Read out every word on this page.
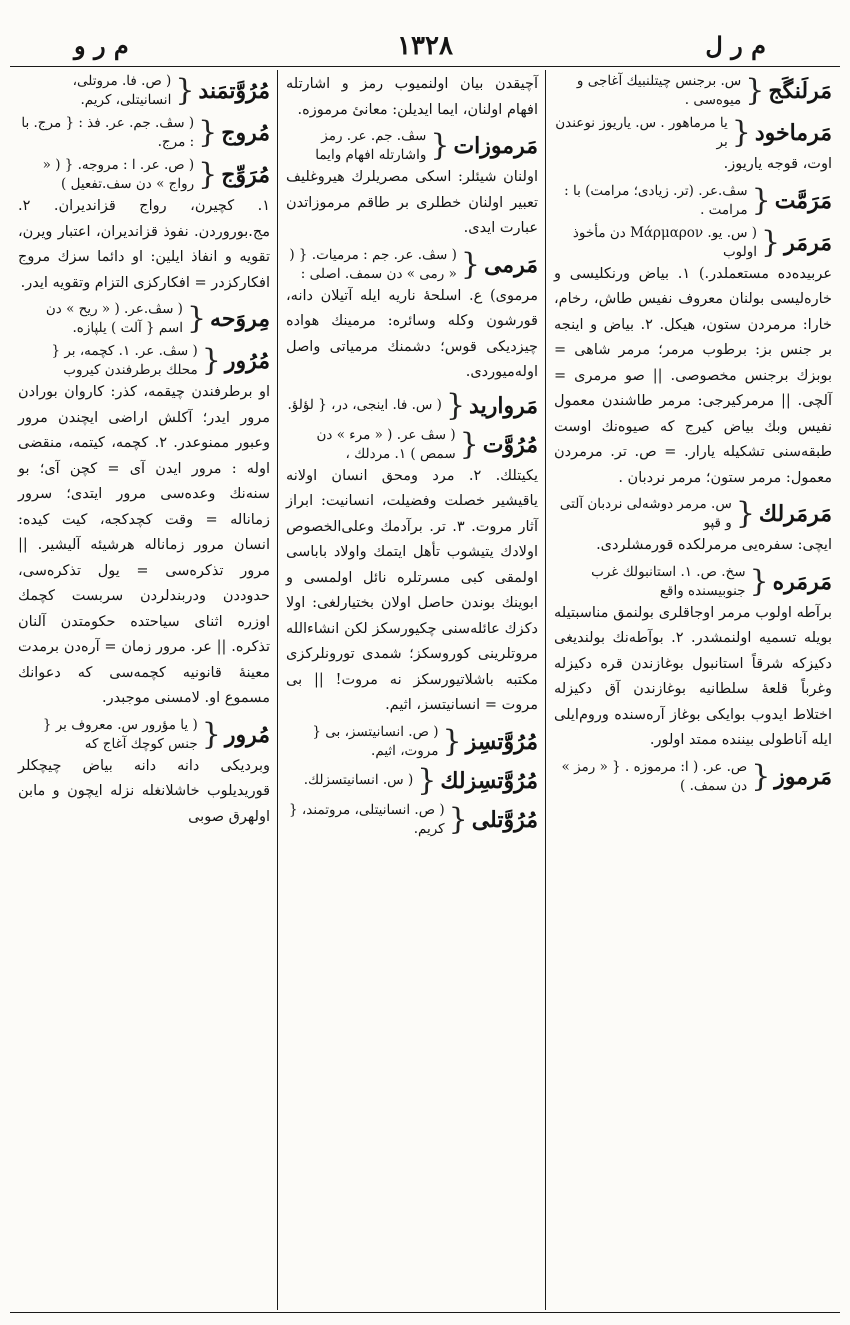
م ر ل
١٣٢٨
م ر و
مَرلَنگَج
{
س. برجنس چیتلنبیك آغاجی و میوه‌سی .
مَرماخود
{
یا مرماهور . س. یاریوز نوعندن بر

اوت، قوجه یاریوز.

مَرَمَّت
{
سڤ.عر. (تر. زیادی؛ مرامت) با : مرامت .
مَرمَر
{
( س. یو. Μάρμαρον دن مأخوذ اولوب

عربیده‌ده مستعملدر.) ١. بیاض ورنکلیسی و خاره‌لیسی بولنان معروف نفیس طاش، رخام، خارا: مرمردن ستون، هیکل. ٢. بیاض و اینجه بر جنس بز: برطوب مرمر؛ مرمر شاهی = بوبزك برجنس مخصوصی. || صو مرمری = آلچی. || مرمرکیرجی: مرمر طاشندن معمول نفیس وبك بیاض کیرج که صیوه‌نك اوست طبقه‌سنی تشکیله یارار. = ص. تر. مرمردن معمول: مرمر ستون؛ مرمر نردبان .

مَرمَرلك
{
س. مرمر دوشه‌لی نردبان آلتی و قپو

ایچی: سفره‌یی مرمرلکده قورمشلردی.

مَرمَره
{
سخ. ص. ١. استانبولك غرب جنوبیسنده واقع

برآطه اولوب مرمر اوجاقلری بولنمق مناسبتیله بویله تسمیه اولنمشدر. ٢. بوآطه‌نك بولندیغی دکیزکه شرقاً استانبول بوغازندن قره دکیزله وغرباً قلعهٔ سلطانیه بوغازندن آق دکیزله اختلاط ایدوب بوایکی بوغاز آره‌سنده وروم‌ایلی ایله آناطولی بیننده ممتد اولور.

مَرموز
{
ص. عر. ( ا: مرموزه . { « رمز » دن سمف. )

آچیقدن بیان اولنمیوب رمز و اشارتله افهام اولنان، ایما ایدیلن: معانیٔ مرموزه.

مَرموزات
{
سڤ. جم. عر. رمز واشارتله افهام وایما

اولنان شیئلر: اسکی مصریلرك هیروغلیف تعبیر اولنان خطلری بر طاقم مرموزاتدن عبارت ایدی.

مَرمی
{
( سڤ. عر. جم : مرمیات. { ( « رمی » دن سمف. اصلی :

مرموی) ع. اسلحهٔ ناریه ایله آتیلان دانه، قورشون وکله وسائره: مرمینك هواده چیزدیکی قوس؛ دشمنك مرمیاتی واصل اوله‌میوردی.

مَروارید
{
( س. فا. اینجی، در، { لؤلؤ.
مُرُوَّت
{
( سڤ عر. ( « مرء » دن سمص ) ١. مردلك ،

یکیتلك. ٢. مرد ومحق انسان اولانه یاقیشیر خصلت وفضیلت، انسانیت: ابراز آثار مروت. ٣. تر. برآدمك وعلی‌الخصوص اولادك یتیشوب تأهل ایتمك واولاد باباسی اولمقی کبی مسرتلره نائل اولمسی و ابوینك بوندن حاصل اولان بختیارلغی: اولا دکزك عائله‌سنی چکیورسکز لکن انشاءالله مروتلرینی کوروسکز؛ شمدی تورونلرکزی مکتبه باشلاتیورسکز نه مروت! || بی مروت = انسانیتسز، اثیم.

مُرُوَّتسِز
{
( ص. انسانیتسز، بی { مروت، اثیم.
مُرُوَّتسِزلك
{
( س. انسانیتسزلك.
مُرُوَّتلی
{
( ص. انسانیتلی، مروتمند، { کریم.
مُرُوَّتمَند
{
( ص. فا. مروتلی، انسانیتلی، کریم.
مُروج
{
( سڤ. جم. عر. فذ : { مرج. با : مرج.
مُرَوِّج
{
( ص. عر. ا : مروجه. { ( « رواج » دن سف.تفعیل )

١. کچیرن، رواج قزاندیران. ٢. مج.بوروردن. نفوذ قزاندیران، اعتبار ویرن، تقویه و انفاذ ایلین: او دائما سزك مروج افکارکزدر = افکارکزی التزام وتقویه ایدر.

مِروَحه
{
( سڤ.عر. ( « ریح » دن اسم { آلت ) یلپازه.
مُرُور
{
( سڤ. عر. ١. کچمه، بر { محلك برطرفندن کیروب

او برطرفندن چیقمه، کذر: کاروان بورادن مرور ایدر؛ آکلش اراضی ایچندن مرور وعبور ممنوعدر. ٢. کچمه، کیتمه، منقضی اوله : مرور ایدن آی = کچن آی؛ بو سنه‌نك وعده‌سی مرور ایتدی؛ سرور زماناله = وقت کچدکجه، کیت کیده: انسان مرور زماناله هرشیئه آلیشیر. || مرور تذکره‌سی = یول تذکره‌سی، حدوددن ودربندلردن سربست کچمك اوزره اثنای سیاحتده حکومتدن آلنان تذکره. || عر. مرور زمان = آره‌دن برمدت معینهٔ قانونیه کچمه‌سی که دعوانك مسموع او. لامسنی موجبدر.

مُرور
{
( یا مؤرور س. معروف بر { جنس کوچك آغاج که

وبردیکی دانه دانه بیاض چیچکلر قوریدیلوب خاشلانغله نزله ایچون و مابن اولهرق صوبی
